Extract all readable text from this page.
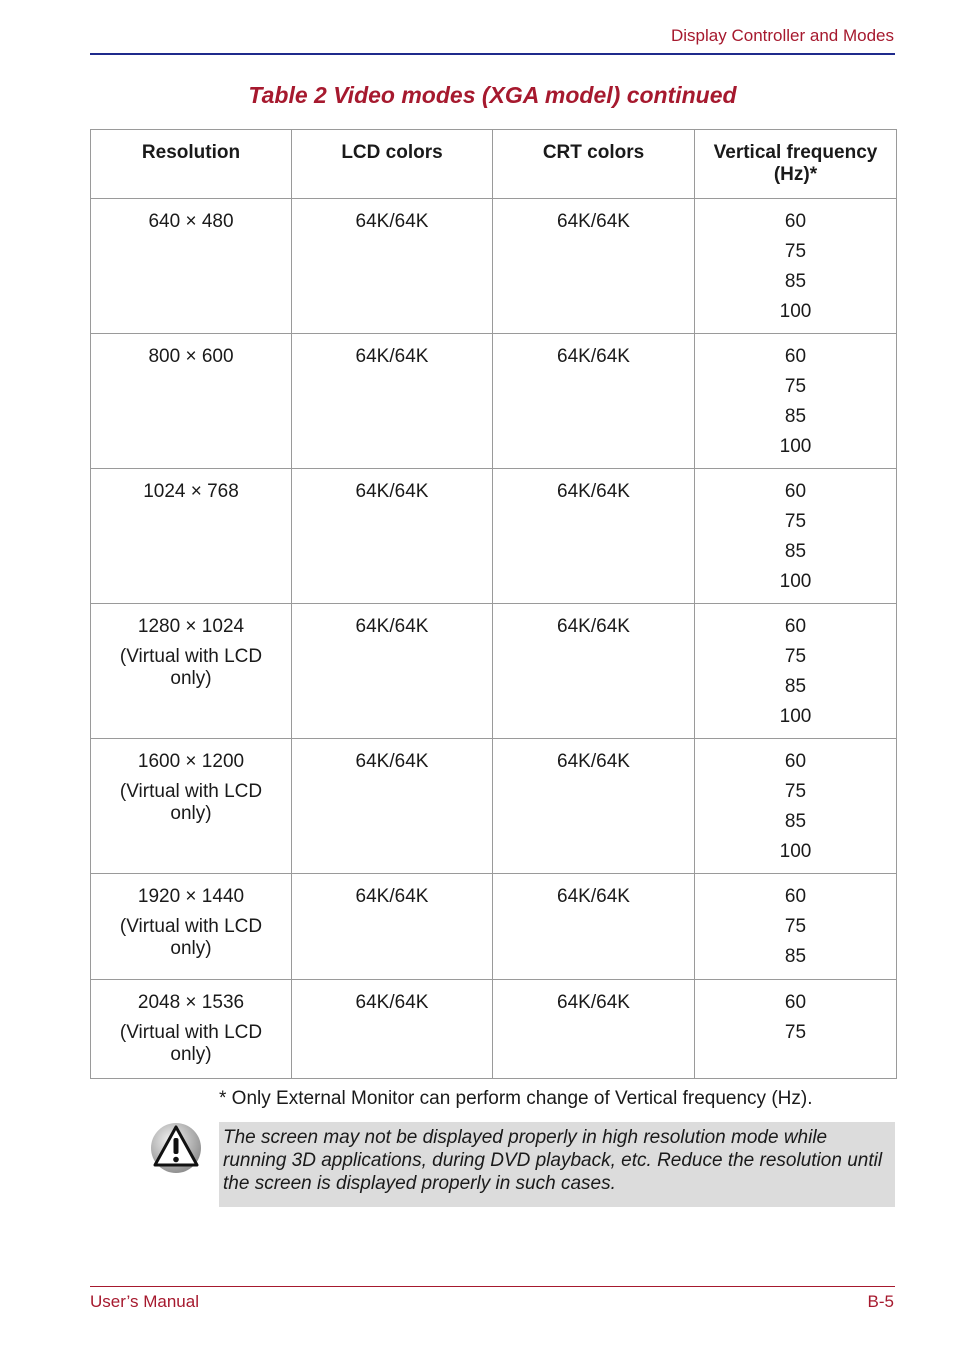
Display Controller and Modes
Table 2 Video modes (XGA model) continued
Resolution	LCD colors	CRT colors	Vertical frequency (Hz)*

640 × 480	64K/64K	64K/64K	60
75
85
100

800 × 600	64K/64K	64K/64K	60
75
85
100

1024 × 768	64K/64K	64K/64K	60
75
85
100

1280 × 1024
(Virtual with LCD only)	64K/64K	64K/64K	60
75
85
100

1600 × 1200
(Virtual with LCD only)	64K/64K	64K/64K	60
75
85
100

1920 × 1440
(Virtual with LCD only)	64K/64K	64K/64K	60
75
85

2048 × 1536
(Virtual with LCD only)	64K/64K	64K/64K	60
75
* Only External Monitor can perform change of Vertical frequency (Hz).
The screen may not be displayed properly in high resolution mode while running 3D applications, during DVD playback, etc. Reduce the resolution until the screen is displayed properly in such cases.
User’s Manual	B-5
